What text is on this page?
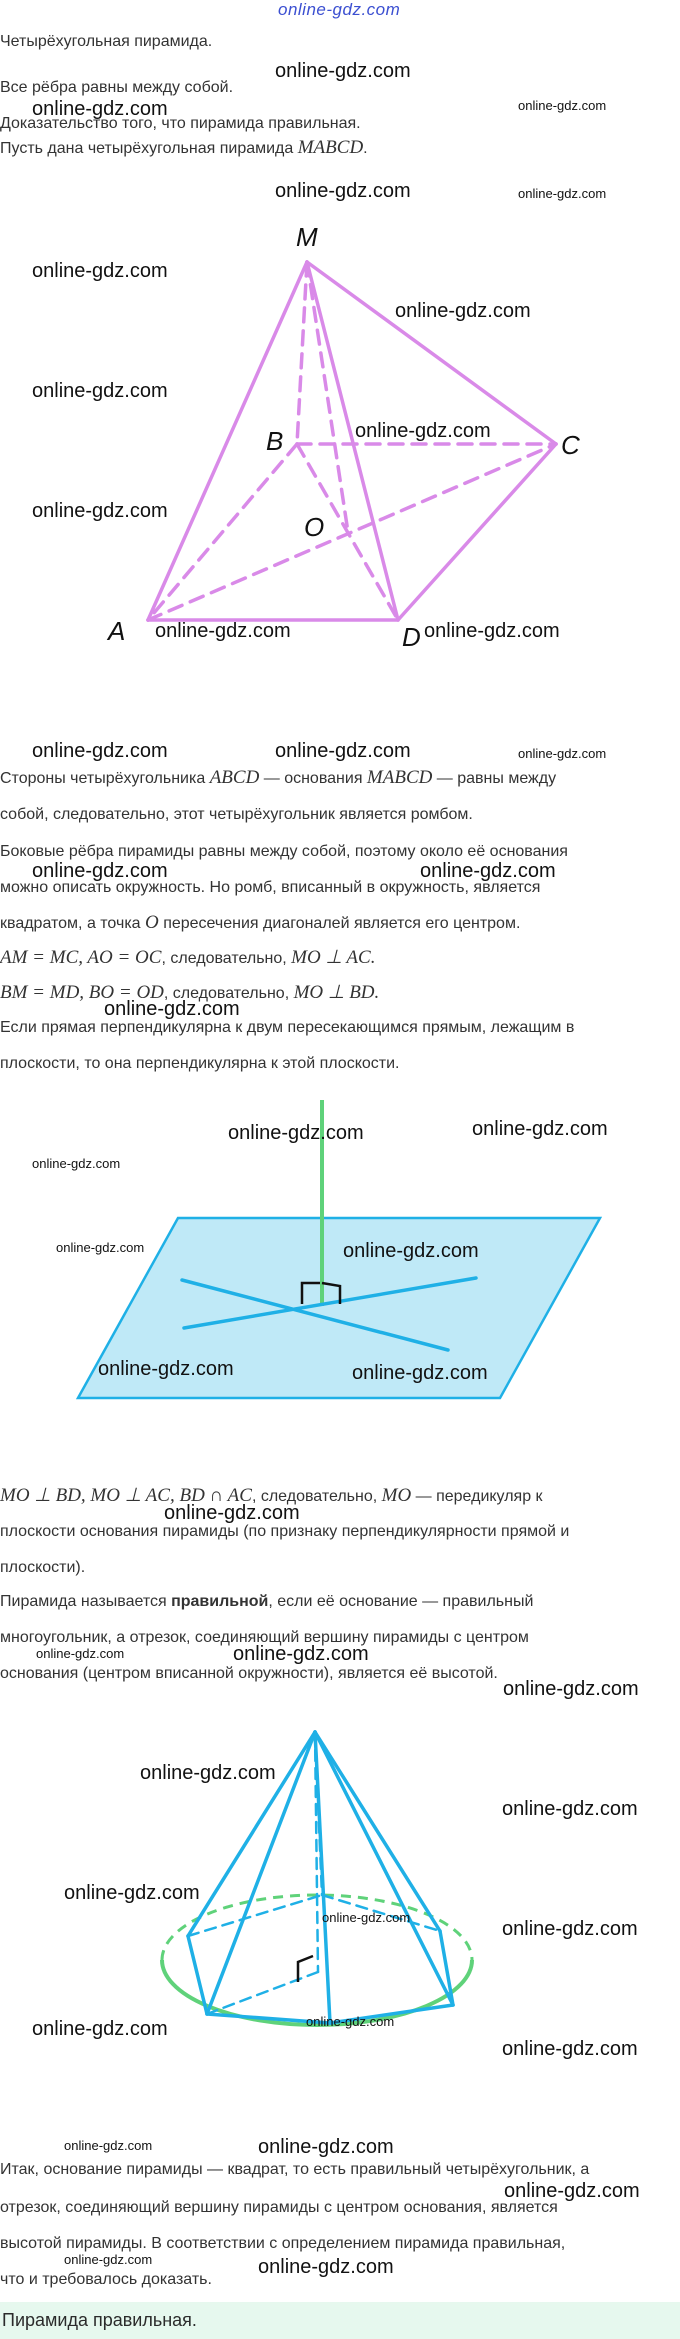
online-gdz.com
Четырёхугольная пирамида.
Все рёбра равны между собой.
Доказательство того, что пирамида правильная.
Пусть дана четырёхугольная пирамида MABCD.
M
B	C
O
A	D
Стороны четырёхугольника ABCD — основания MABCD — равны между
собой, следовательно, этот четырёхугольник является ромбом.
Боковые рёбра пирамиды равны между собой, поэтому около её основания
можно описать окружность. Но ромб, вписанный в окружность, является
квадратом, а точка O пересечения диагоналей является его центром.
AM = MC, AO = OC, следовательно, MO ⊥ AC.
BM = MD, BO = OD, следовательно, MO ⊥ BD.
Если прямая перпендикулярна к двум пересекающимся прямым, лежащим в
плоскости, то она перпендикулярна к этой плоскости.
MO ⊥ BD, MO ⊥ AC, BD ∩ AC, следовательно, MO — передикуляр к
плоскости основания пирамиды (по признаку перпендикулярности прямой и
плоскости).
Пирамида называется правильной, если её основание — правильный
многоугольник, а отрезок, соединяющий вершину пирамиды с центром
основания (центром вписанной окружности), является её высотой.
Итак, основание пирамиды — квадрат, то есть правильный четырёхугольник, а
отрезок, соединяющий вершину пирамиды с центром основания, является
высотой пирамиды. В соответствии с определением пирамида правильная,
что и требовалось доказать.
Пирамида правильная.
online-gdz.com
online-gdz.com	online-gdz.com
online-gdz.com	online-gdz.com
online-gdz.com
online-gdz.com
online-gdz.com
online-gdz.com
online-gdz.com
online-gdz.com	online-gdz.com
online-gdz.com	online-gdz.com	online-gdz.com
online-gdz.com	online-gdz.com
online-gdz.com
online-gdz.com	online-gdz.com
online-gdz.com
online-gdz.com	online-gdz.com
online-gdz.com	online-gdz.com
online-gdz.com
online-gdz.com	online-gdz.com
online-gdz.com
online-gdz.com
online-gdz.com
online-gdz.com
online-gdz.com
online-gdz.com
online-gdz.com	online-gdz.com
online-gdz.com
online-gdz.com	online-gdz.com
online-gdz.com
online-gdz.com	online-gdz.com
